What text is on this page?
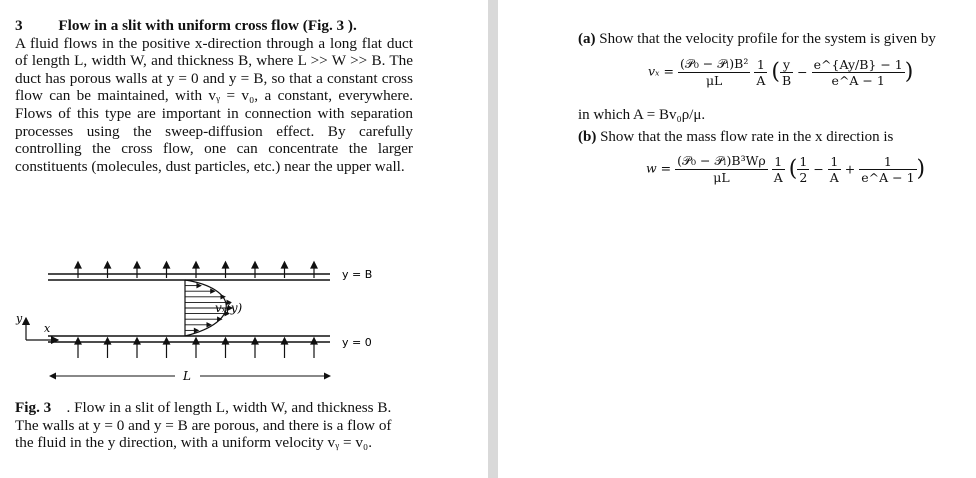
3 Flow in a slit with uniform cross flow (Fig. 3 ).
A fluid flows in the positive x-direction through a long flat duct of length L, width W, and thickness B, where L >> W >> B. The duct has porous walls at y = 0 and y = B, so that a constant cross flow can be maintained, with vᵧ = v₀, a constant, everywhere. Flows of this type are important in connection with separation processes using the sweep-diffusion effect. By carefully controlling the cross flow, one can concentrate the larger constituents (molecules, dust particles, etc.) near the upper wall.
vₓ(y)
y = B
y = 0
y
x
L
Fig. 3 . Flow in a slit of length L, width W, and thickness B. The walls at y = 0 and y = B are porous, and there is a flow of the fluid in the y direction, with a uniform velocity vᵧ = v₀.
(a) Show that the velocity profile for the system is given by
$v_x = \frac{\text{(𝒫₀ − 𝒫ₗ)B²}}{\mu L}$
$\frac{1}{A}$ ( $\frac{y}{B} - \frac{e\^{}\{Ay/B\} - 1}{e\^{}A - 1}$ )
in which A = Bv₀ρ/μ.
(b) Show that the mass flow rate in the x direction is
$w = \frac{\text{(𝒫₀ − 𝒫ₗ)B³Wρ}}{\mu L}$
$\frac{1}{A}$ ( $\frac{1}{2} - \frac{1}{A} + \frac{1}{e\^{}A - 1}$ )
